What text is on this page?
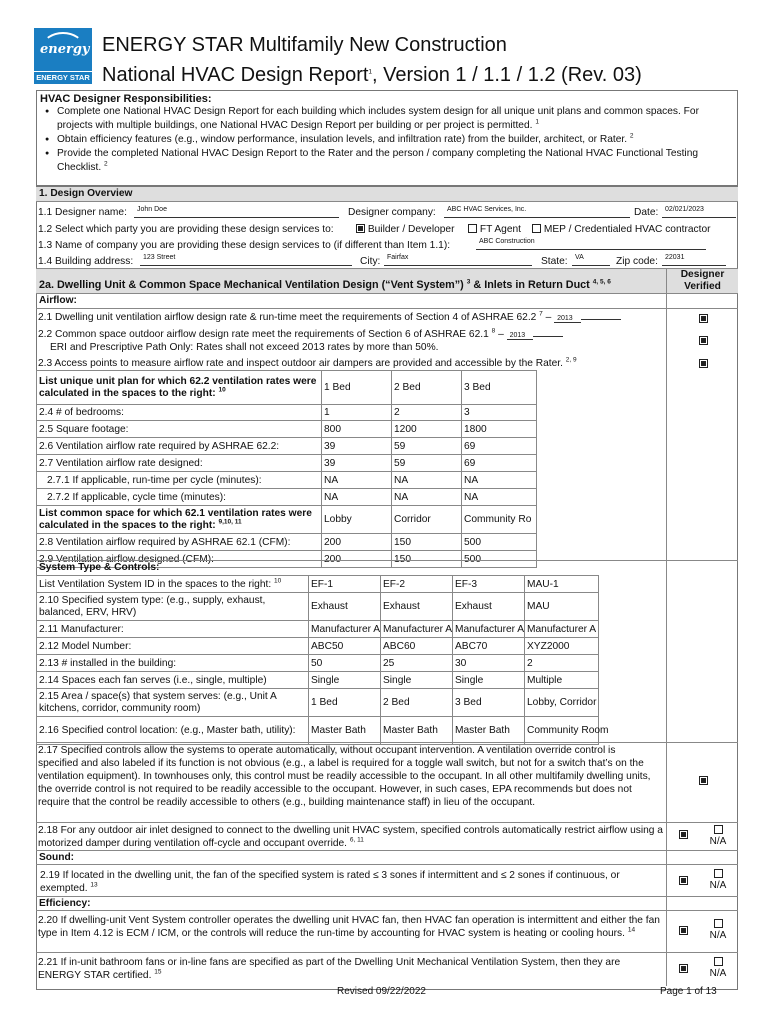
energy
ENERGY STAR
ENERGY STAR Multifamily New Construction
National HVAC Design Report$^1$, Version 1 / 1.1 / 1.2 (Rev. 03)
HVAC Designer Responsibilities:
● Complete one National HVAC Design Report for each building which includes system design for all unique unit plans and common spaces. For
projects with multiple buildings, one National HVAC Design Report per building or per project is permitted. $^1$
● Obtain efficiency features (e.g., window performance, insulation levels, and infiltration rate) from the builder, architect, or Rater. $^2$
● Provide the completed National HVAC Design Report to the Rater and the person / company completing the National HVAC Functional Testing
Checklist. $^2$
1. Design Overview
1.1 Designer name:	John Doe	Designer company:	ABC HVAC Services, Inc.	Date: 02/021/2023
1.2 Select which party you are providing these design services to:	Builder / Developer	FT Agent	MEP / Credentialed HVAC contractor
1.3 Name of company you are providing these design services to (if different than Item 1.1):	ABC Construction
1.4 Building address:	123 Street	City: Fairfax	State:	VA	Zip code:	22031
2a. Dwelling Unit & Common Space Mechanical Ventilation Design (“Vent System”) $^3$ & Inlets in Return Duct $^{4, 5, 6}$
Designer Verified
Airflow:
2.1 Dwelling unit ventilation airflow design rate & run-time meet the requirements of Section 4 of ASHRAE 62.2 $^7$ – 2013
2.2 Common space outdoor airflow design rate meet the requirements of Section 6 of ASHRAE 62.1 $^8$ – 2013
ERI and Prescriptive Path Only: Rates shall not exceed 2013 rates by more than 50%.
2.3 Access points to measure airflow rate and inspect outdoor air dampers are provided and accessible by the Rater. $^{2, 9}$
List unique unit plan for which 62.2 ventilation rates were calculated in the spaces to the right: $^{10}$	1 Bed	2 Bed	3 Bed
2.4 # of bedrooms:	1	2	3
2.5 Square footage:	800	1200	1800
2.6 Ventilation airflow rate required by ASHRAE 62.2:	39	59	69
2.7 Ventilation airflow rate designed:	39	59	69
2.7.1 If applicable, run-time per cycle (minutes):	NA	NA	NA
2.7.2 If applicable, cycle time (minutes):	NA	NA	NA
List common space for which 62.1 ventilation rates were calculated in the spaces to the right: $^{9,10, 11}$	Lobby	Corridor	Community Ro
2.8 Ventilation airflow required by ASHRAE 62.1 (CFM):	200	150	500
2.9 Ventilation airflow designed (CFM):	200	150	500
System Type & Controls:
List Ventilation System ID in the spaces to the right: $^{10}$	EF-1	EF-2	EF-3	MAU-1
2.10 Specified system type: (e.g., supply, exhaust, balanced, ERV, HRV)	Exhaust	Exhaust	Exhaust	MAU
2.11 Manufacturer:	Manufacturer A	Manufacturer A	Manufacturer A	Manufacturer A
2.12 Model Number:	ABC50	ABC60	ABC70	XYZ2000
2.13 # installed in the building:	50	25	30	2
2.14 Spaces each fan serves (i.e., single, multiple)	Single	Single	Single	Multiple
2.15 Area / space(s) that system serves: (e.g., Unit A kitchens, corridor, community room)	1 Bed	2 Bed	3 Bed	Lobby, Corridor
2.16 Specified control location: (e.g., Master bath, utility):	Master Bath	Master Bath	Master Bath	Community Room
2.17 Specified controls allow the systems to operate automatically, without occupant intervention. A ventilation override control is specified and also labeled if its function is not obvious (e.g., a label is required for a toggle wall switch, but not for a switch that’s on the ventilation equipment). In townhouses only, this control must be readily accessible to the occupant. In all other multifamily dwelling units, the override control is not required to be readily accessible to the occupant. However, in such cases, EPA recommends but does not require that the control be readily accessible to others (e.g., building maintenance staff) in lieu of the occupant.
2.18 For any outdoor air inlet designed to connect to the dwelling unit HVAC system, specified controls automatically restrict airflow using a motorized damper during ventilation off-cycle and occupant override. $^{6, 11}$	N/A
Sound:
2.19 If located in the dwelling unit, the fan of the specified system is rated ≤ 3 sones if intermittent and ≤ 2 sones if continuous, or exempted. $^{13}$	N/A
Efficiency:
2.20 If dwelling-unit Vent System controller operates the dwelling unit HVAC fan, then HVAC fan operation is intermittent and either the fan type in Item 4.12 is ECM / ICM, or the controls will reduce the run-time by accounting for HVAC system is heating or cooling hours. $^{14}$	N/A
2.21 If in-unit bathroom fans or in-line fans are specified as part of the Dwelling Unit Mechanical Ventilation System, then they are ENERGY STAR certified. $^{15}$	N/A
Revised 09/22/2022	Page 1 of 13
